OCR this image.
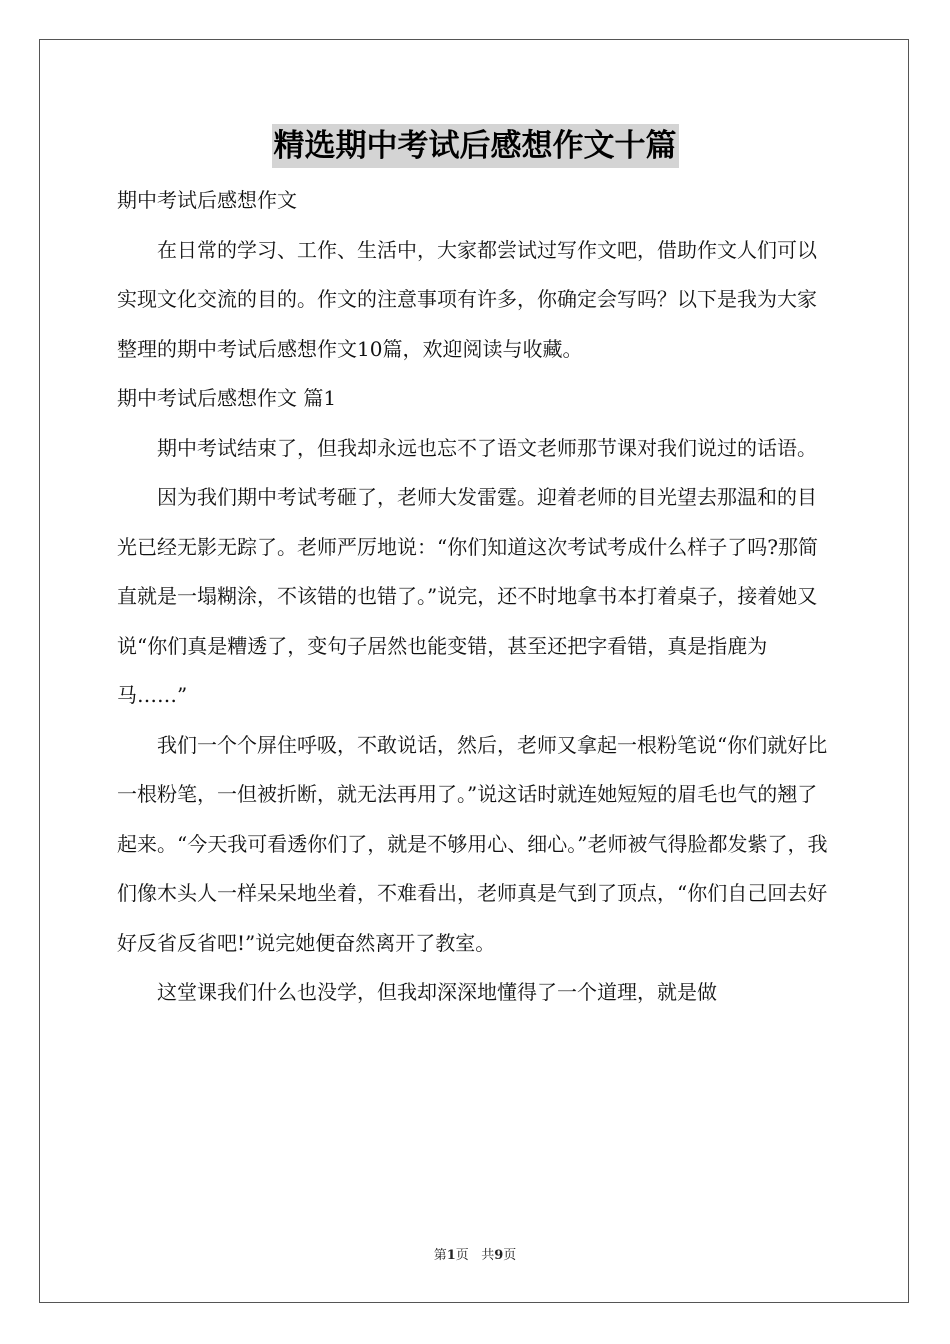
精选期中考试后感想作文十篇

期中考试后感想作文

在日常的学习、工作、生活中，大家都尝试过写作文吧，借助作文人们可以实现文化交流的目的。作文的注意事项有许多，你确定会写吗？以下是我为大家整理的期中考试后感想作文10篇，欢迎阅读与收藏。

期中考试后感想作文 篇1

期中考试结束了，但我却永远也忘不了语文老师那节课对我们说过的话语。

因为我们期中考试考砸了，老师大发雷霆。迎着老师的目光望去那温和的目光已经无影无踪了。老师严厉地说：“你们知道这次考试考成什么样子了吗?那简直就是一塌糊涂，不该错的也错了。”说完，还不时地拿书本打着桌子，接着她又说“你们真是糟透了，变句子居然也能变错，甚至还把字看错，真是指鹿为马……”

我们一个个屏住呼吸，不敢说话，然后，老师又拿起一根粉笔说“你们就好比一根粉笔，一但被折断，就无法再用了。”说这话时就连她短短的眉毛也气的翘了起来。“今天我可看透你们了，就是不够用心、细心。”老师被气得脸都发紫了，我们像木头人一样呆呆地坐着，不难看出，老师真是气到了顶点，“你们自己回去好好反省反省吧!”说完她便奋然离开了教室。

这堂课我们什么也没学，但我却深深地懂得了一个道理，就是做

第1页 共9页
